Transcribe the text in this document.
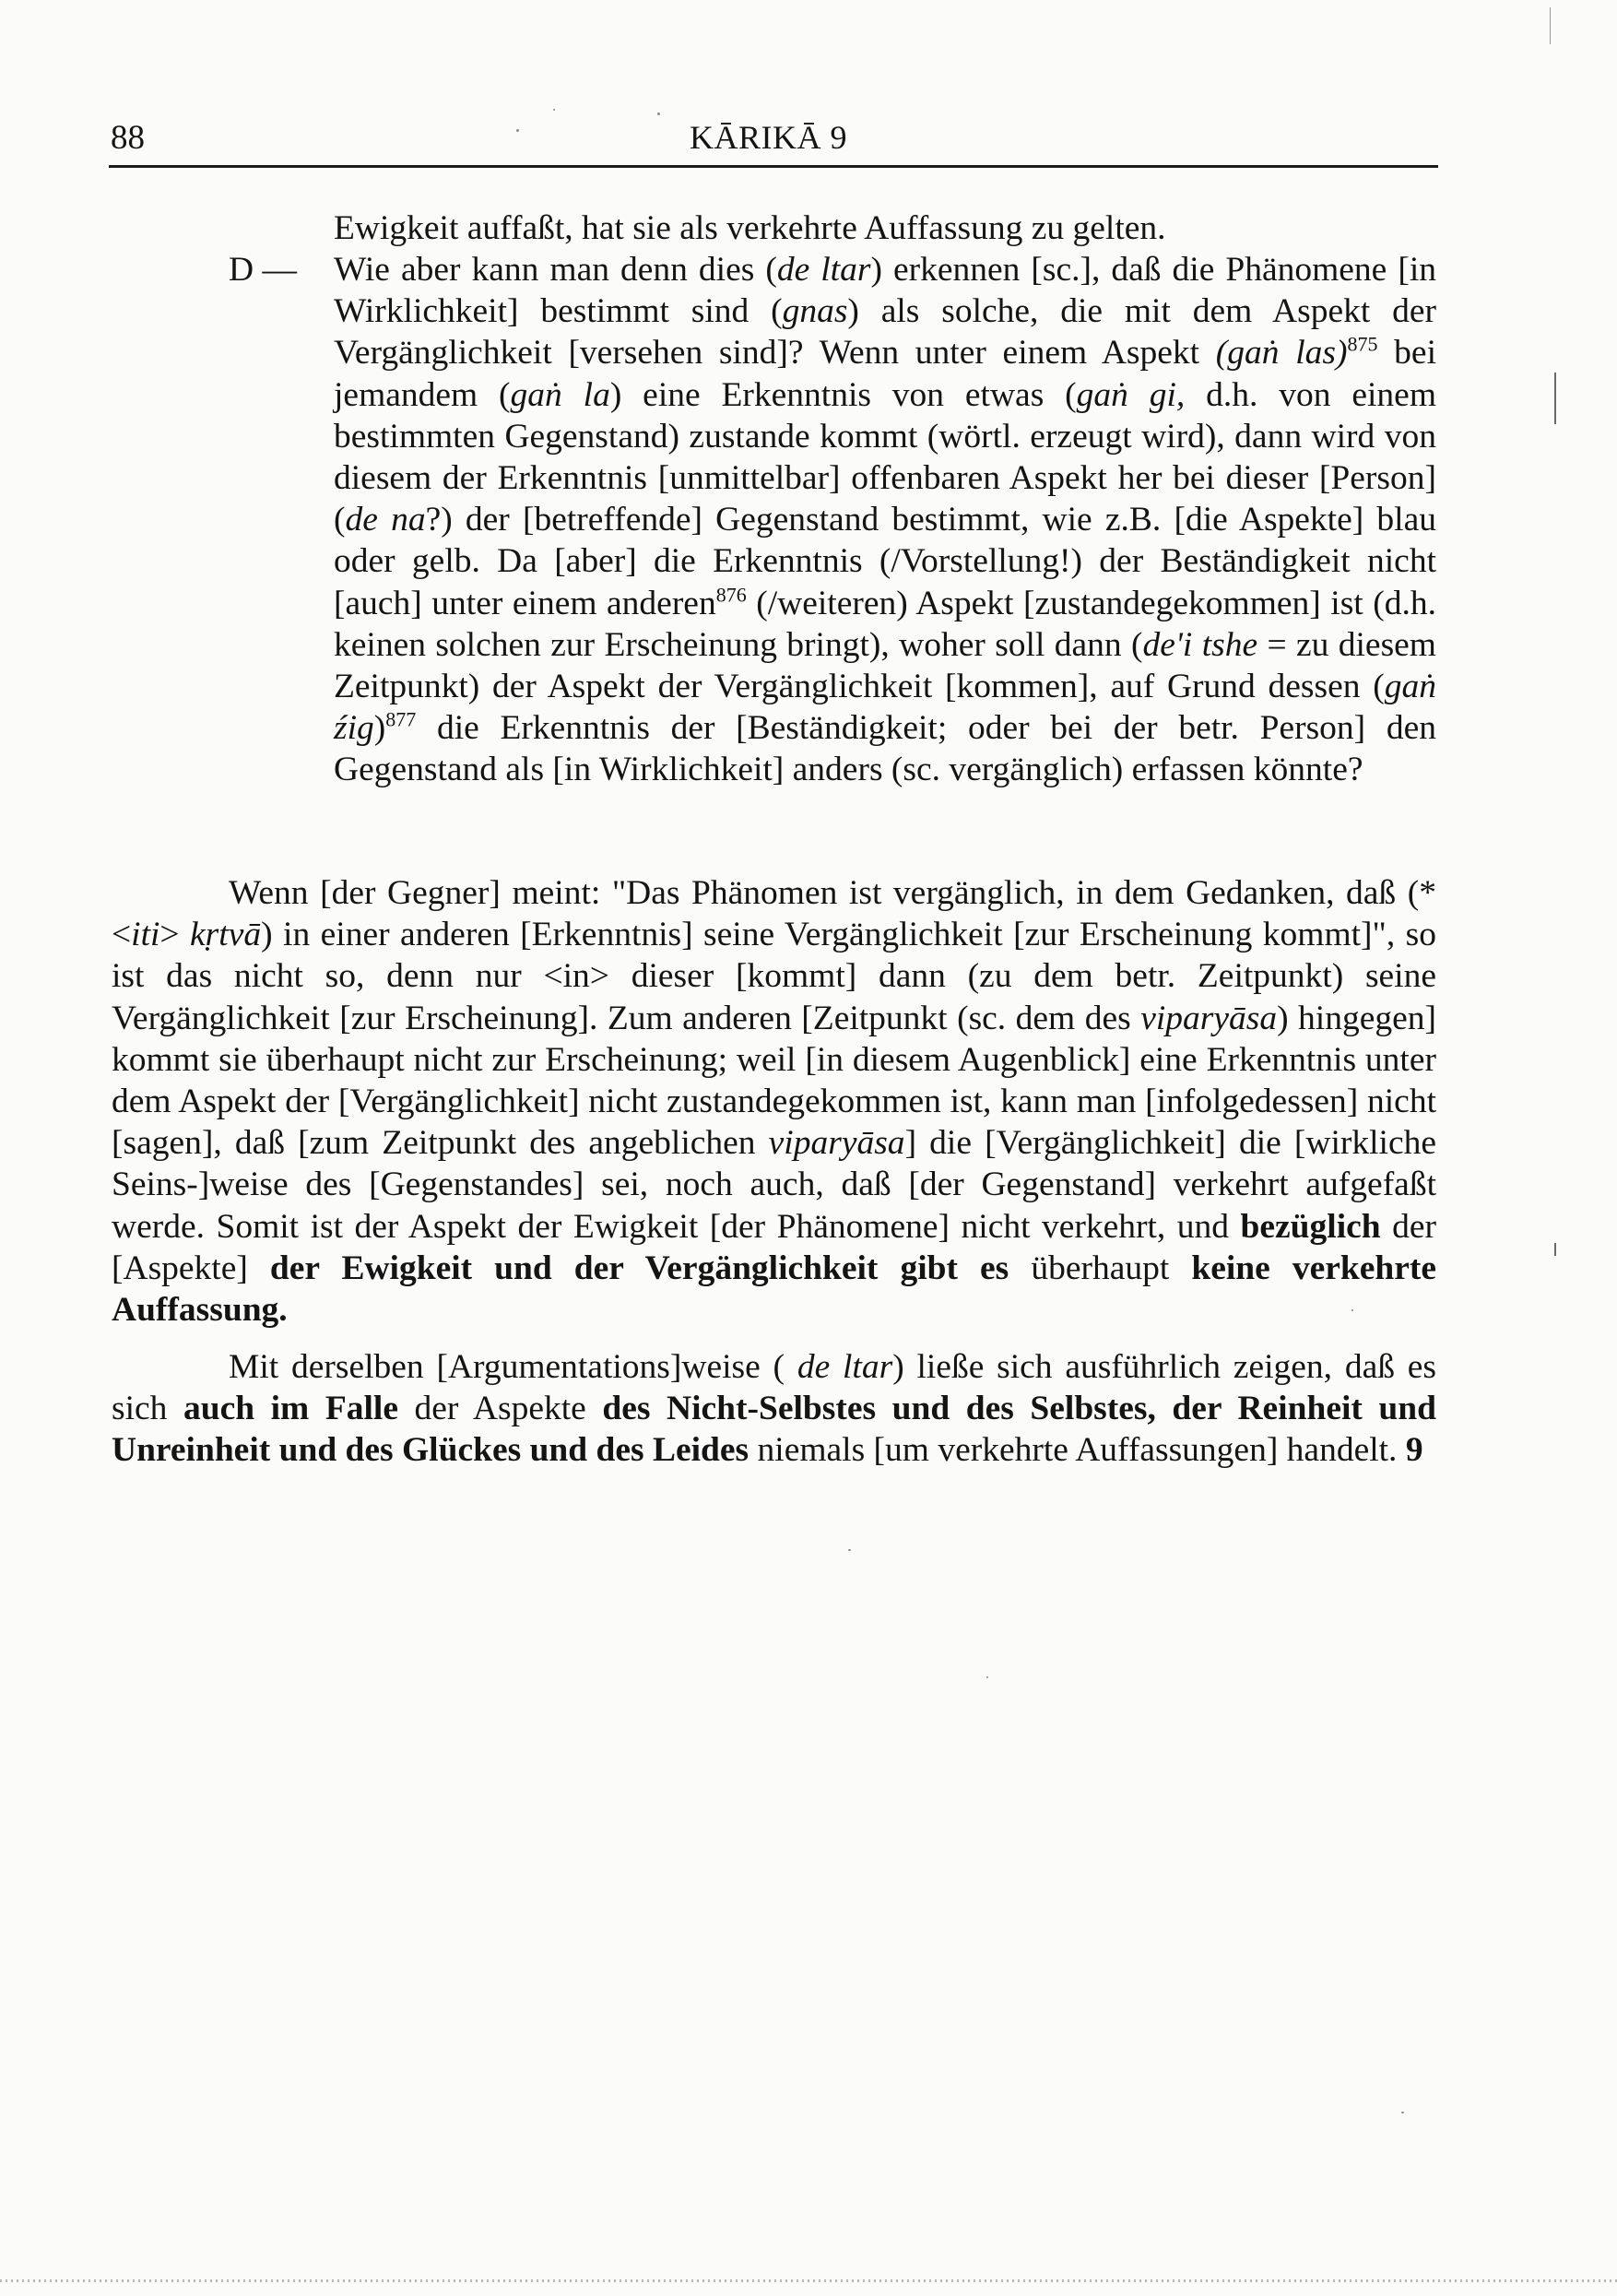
88	KĀRIKĀ 9

Ewigkeit auffaßt, hat sie als verkehrte Auffassung zu gelten.

D — Wie aber kann man denn dies (de ltar) erkennen [sc.], daß die Phänomene [in Wirklichkeit] bestimmt sind (gnas) als solche, die mit dem Aspekt der Vergänglichkeit [versehen sind]? Wenn unter einem Aspekt (gaṅ las)$^{875}$ bei jemandem (gaṅ la) eine Erkenntnis von etwas (gaṅ gi, d.h. von einem bestimmten Gegenstand) zustande kommt (wörtl. erzeugt wird), dann wird von diesem der Erkenntnis [unmittelbar] offenbaren Aspekt her bei dieser [Person] (de na?) der [betreffende] Gegenstand bestimmt, wie z.B. [die Aspekte] blau oder gelb. Da [aber] die Erkenntnis (/Vorstellung!) der Beständigkeit nicht [auch] unter einem anderen$^{876}$ (/weiteren) Aspekt [zustandegekommen] ist (d.h. keinen solchen zur Erscheinung bringt), woher soll dann (de'i tshe = zu diesem Zeitpunkt) der Aspekt der Vergänglichkeit [kommen], auf Grund dessen (gaṅ źig)$^{877}$ die Erkenntnis der [Beständigkeit; oder bei der betr. Person] den Gegenstand als [in Wirklichkeit] anders (sc. vergänglich) erfassen könnte?

Wenn [der Gegner] meint: "Das Phänomen ist vergänglich, in dem Gedanken, daß (*<iti> kṛtvā) in einer anderen [Erkenntnis] seine Vergänglichkeit [zur Erscheinung kommt]", so ist das nicht so, denn nur <in> dieser [kommt] dann (zu dem betr. Zeitpunkt) seine Vergänglichkeit [zur Erscheinung]. Zum anderen [Zeitpunkt (sc. dem des viparyāsa) hingegen] kommt sie überhaupt nicht zur Erscheinung; weil [in diesem Augenblick] eine Erkenntnis unter dem Aspekt der [Vergänglichkeit] nicht zustandegekommen ist, kann man [infolgedessen] nicht [sagen], daß [zum Zeitpunkt des angeblichen viparyāsa] die [Vergänglichkeit] die [wirkliche Seins-]weise des [Gegenstandes] sei, noch auch, daß [der Gegenstand] verkehrt aufgefaßt werde. Somit ist der Aspekt der Ewigkeit [der Phänomene] nicht verkehrt, und bezüglich der [Aspekte] der Ewigkeit und der Vergänglichkeit gibt es überhaupt keine verkehrte Auffassung.

Mit derselben [Argumentations]weise ( de ltar) ließe sich ausführlich zeigen, daß es sich auch im Falle der Aspekte des Nicht-Selbstes und des Selbstes, der Reinheit und Unreinheit und des Glückes und des Leides niemals [um verkehrte Auffassungen] handelt. 9
